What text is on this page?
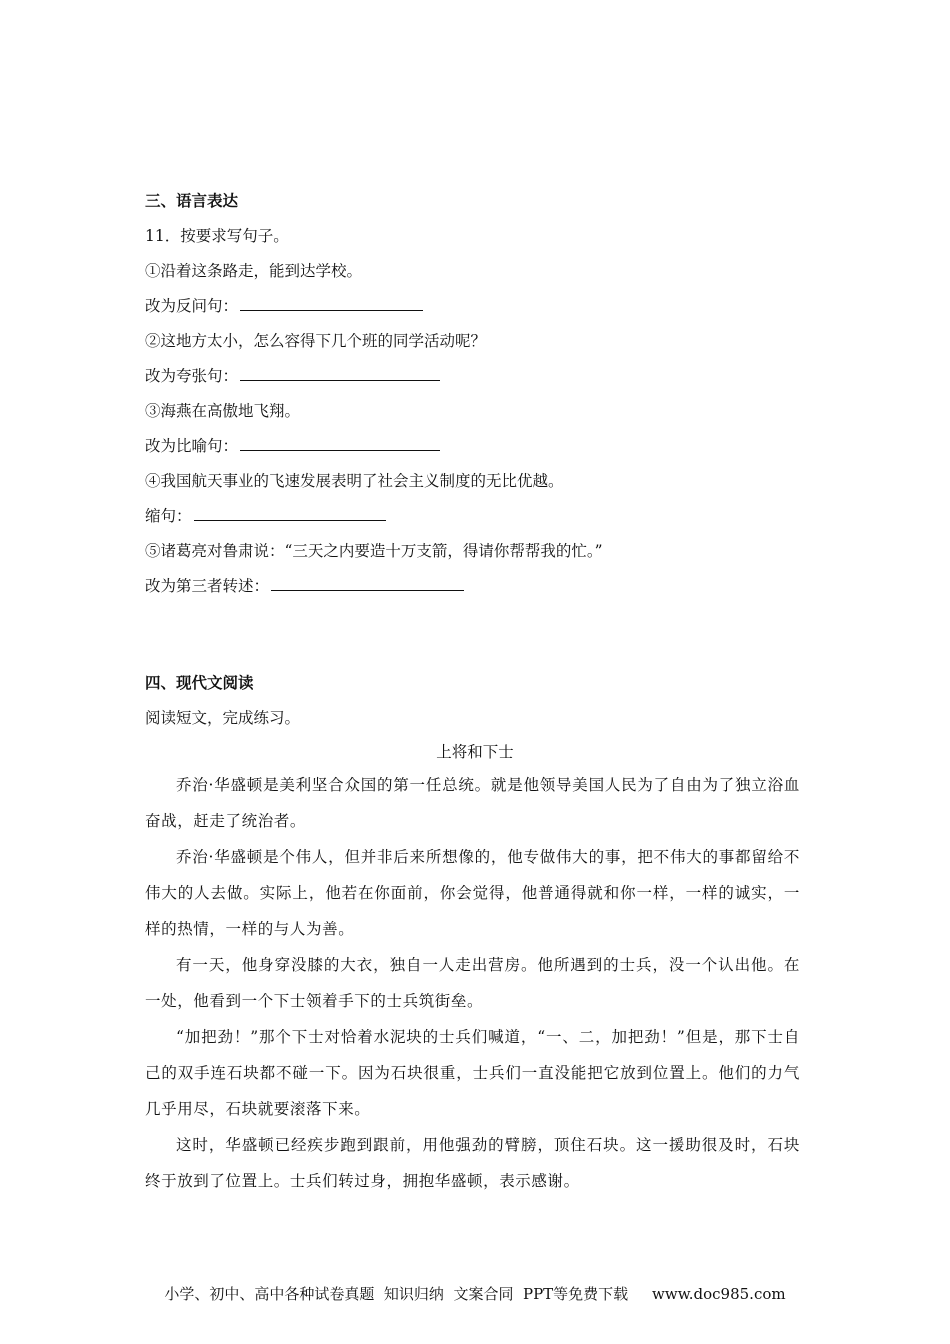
三、语言表达
11．按要求写句子。
①沿着这条路走，能到达学校。
改为反问句：
②这地方太小，怎么容得下几个班的同学活动呢？
改为夸张句：
③海燕在高傲地飞翔。
改为比喻句：
④我国航天事业的飞速发展表明了社会主义制度的无比优越。
缩句：
⑤诸葛亮对鲁肃说：“三天之内要造十万支箭，得请你帮帮我的忙。”
改为第三者转述：
四、现代文阅读
阅读短文，完成练习。
上将和下士
乔治·华盛顿是美利坚合众国的第一任总统。就是他领导美国人民为了自由为了独立浴血奋战，赶走了统治者。
乔治·华盛顿是个伟人，但并非后来所想像的，他专做伟大的事，把不伟大的事都留给不伟大的人去做。实际上，他若在你面前，你会觉得，他普通得就和你一样，一样的诚实，一样的热情，一样的与人为善。
有一天，他身穿没膝的大衣，独自一人走出营房。他所遇到的士兵，没一个认出他。在一处，他看到一个下士领着手下的士兵筑街垒。
“加把劲！”那个下士对恰着水泥块的士兵们喊道，“一、二，加把劲！”但是，那下士自己的双手连石块都不碰一下。因为石块很重，士兵们一直没能把它放到位置上。他们的力气几乎用尽，石块就要滚落下来。
这时，华盛顿已经疾步跑到跟前，用他强劲的臂膀，顶住石块。这一援助很及时，石块终于放到了位置上。士兵们转过身，拥抱华盛顿，表示感谢。
小学、初中、高中各种试卷真题  知识归纳  文案合同  PPT等免费下载     www.doc985.com
